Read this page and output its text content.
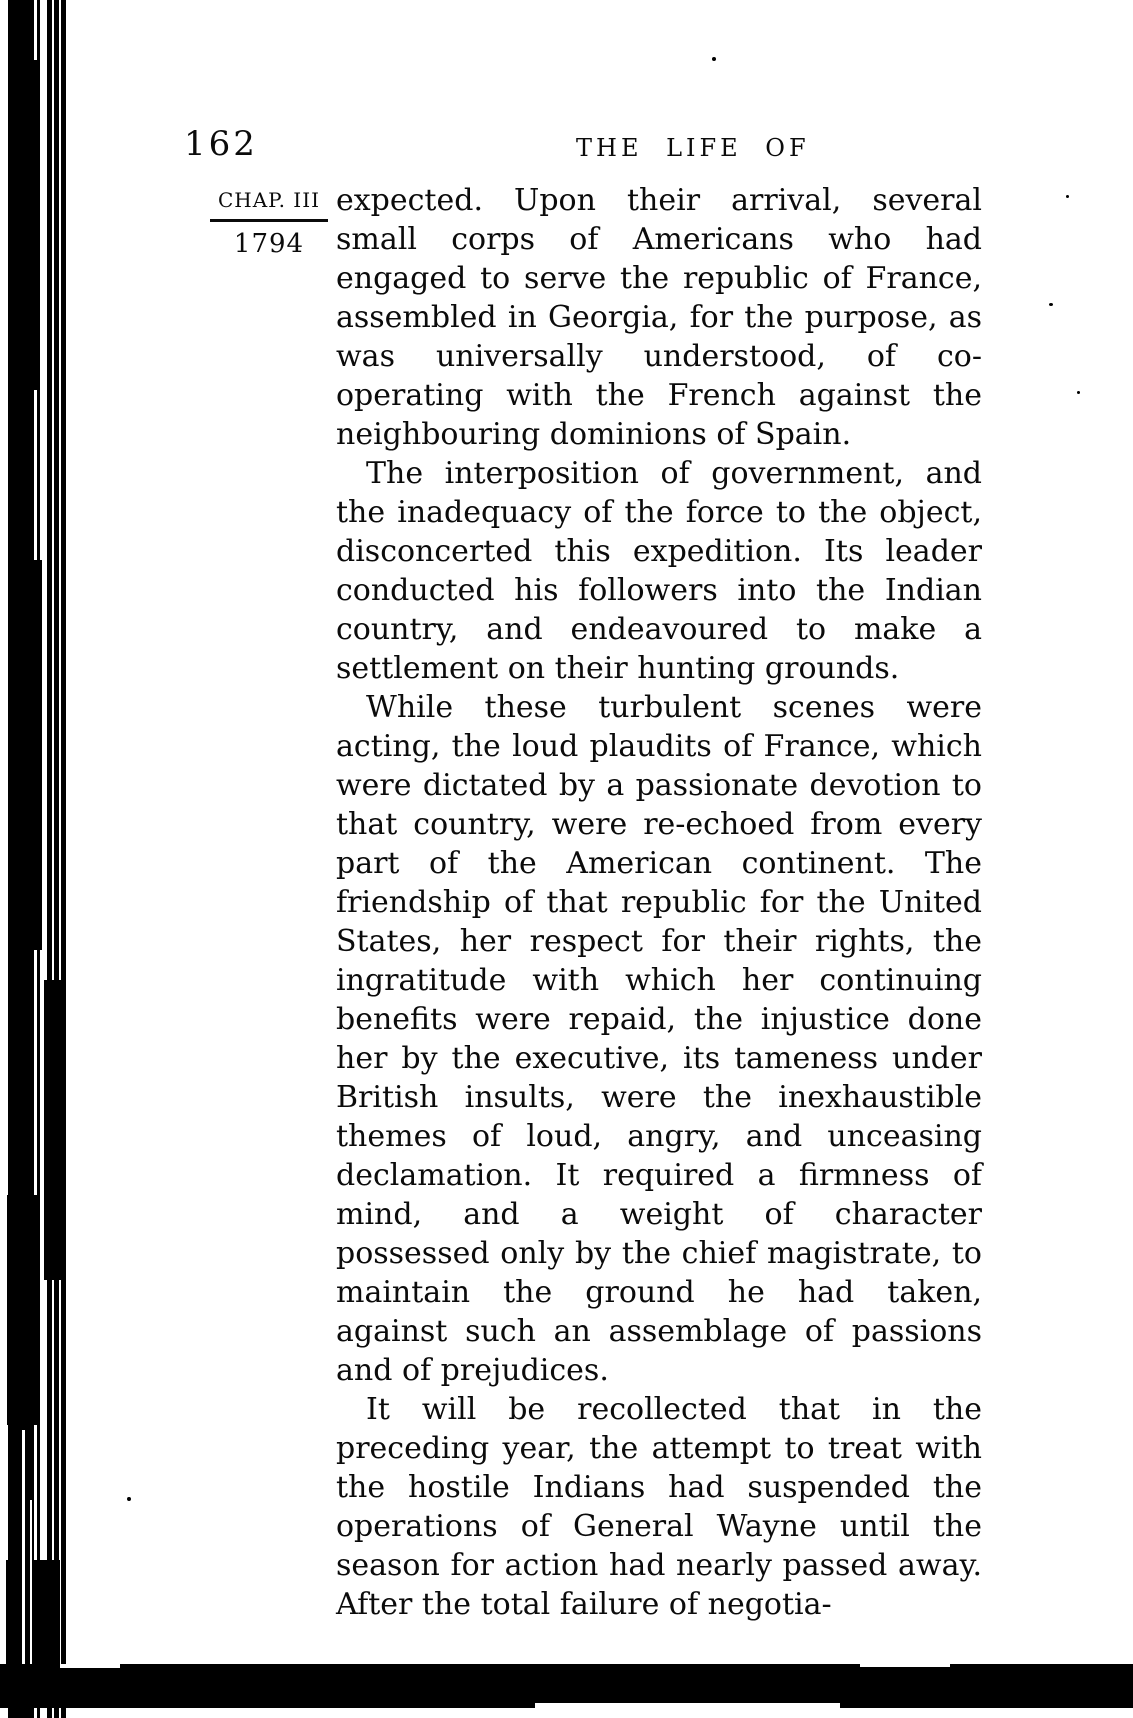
162	THE LIFE OF
CHAP. III
1794

expected. Upon their arrival, several small corps of Americans who had engaged to serve the republic of France, assembled in Georgia, for the purpose, as was universally understood, of co-operating with the French against the neighbouring dominions of Spain.

The interposition of government, and the inadequacy of the force to the object, disconcerted this expedition. Its leader conducted his followers into the Indian country, and endeavoured to make a settlement on their hunting grounds.

While these turbulent scenes were acting, the loud plaudits of France, which were dictated by a passionate devotion to that country, were re-echoed from every part of the American continent. The friendship of that republic for the United States, her respect for their rights, the ingratitude with which her continuing benefits were repaid, the injustice done her by the executive, its tameness under British insults, were the inexhaustible themes of loud, angry, and unceasing declamation. It required a firmness of mind, and a weight of character possessed only by the chief magistrate, to maintain the ground he had taken, against such an assemblage of passions and of prejudices.

It will be recollected that in the preceding year, the attempt to treat with the hostile Indians had suspended the operations of General Wayne until the season for action had nearly passed away. After the total failure of negotia-
